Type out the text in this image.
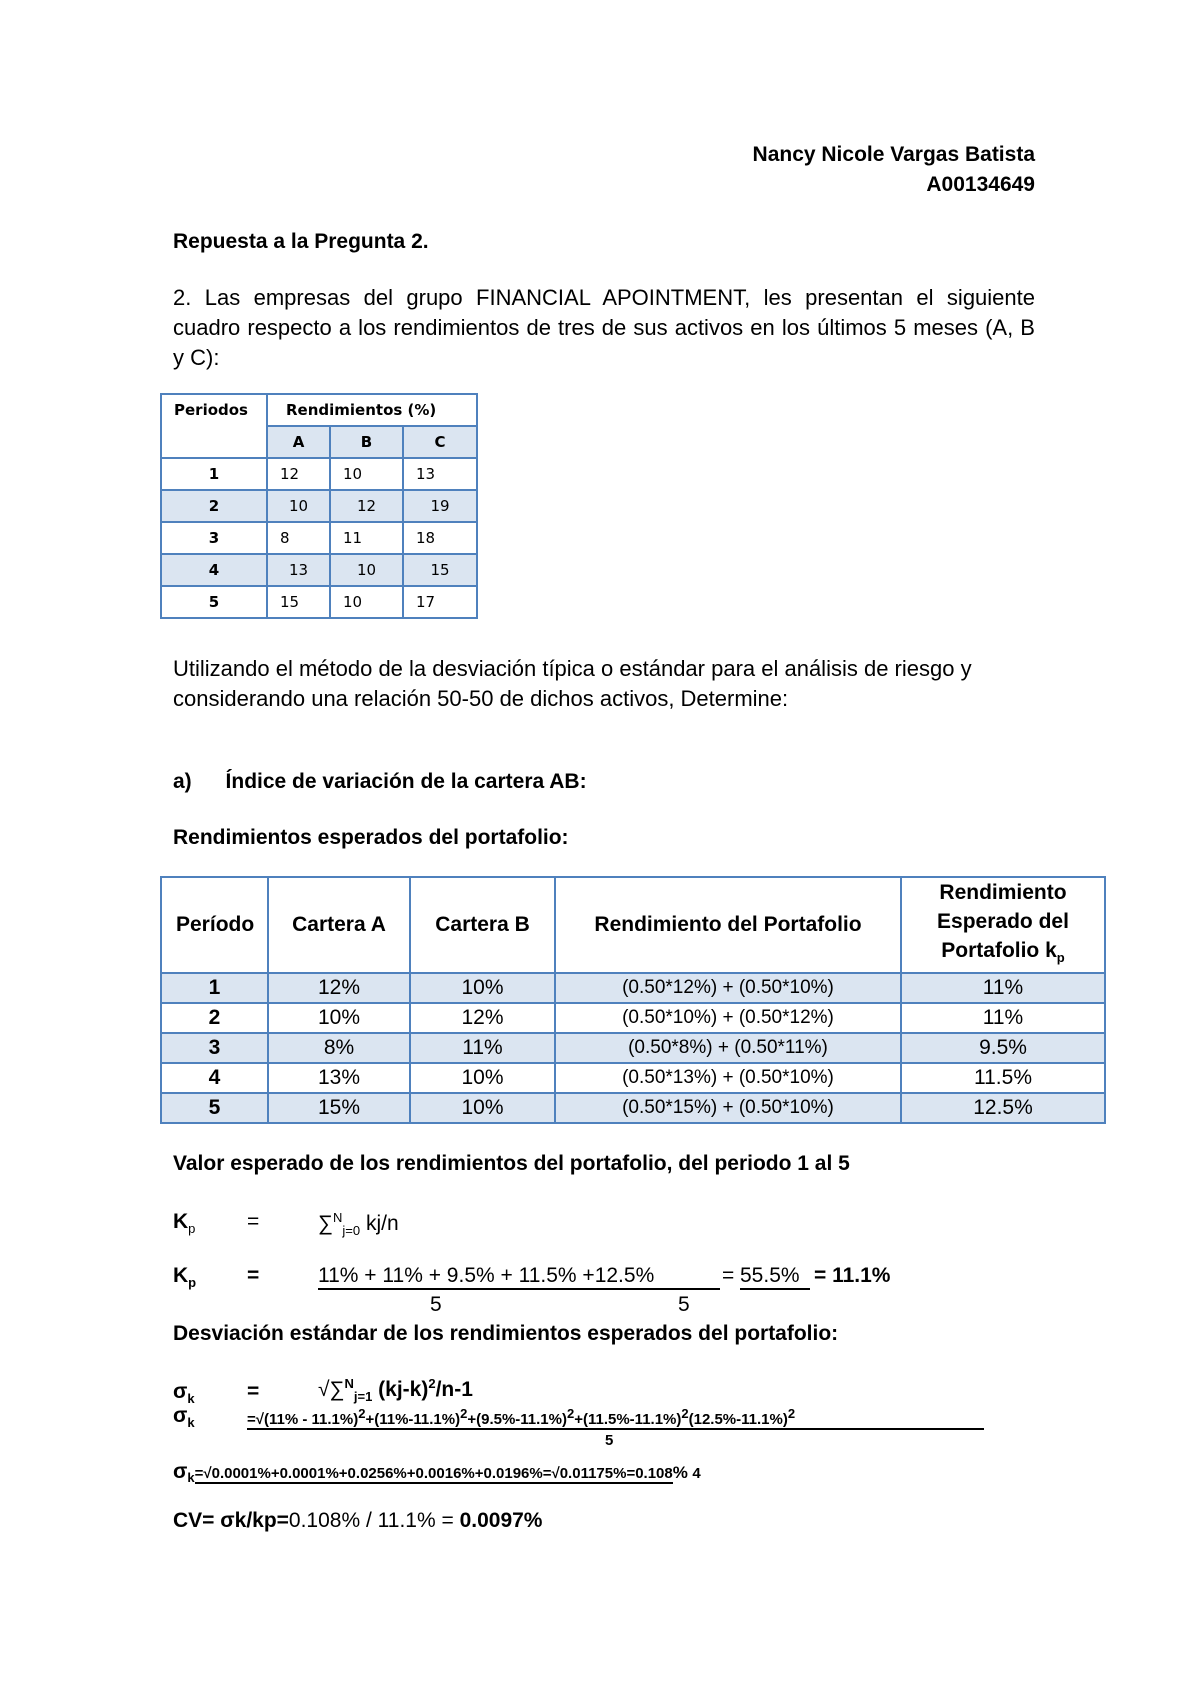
Nancy Nicole Vargas Batista
A00134649
Repuesta a la Pregunta 2.
2. Las empresas del grupo FINANCIAL APOINTMENT, les presentan el siguiente cuadro respecto a los rendimientos de tres de sus activos en los últimos 5 meses (A, B y C):
Periodos	Rendimientos (%)		
	A	B	C
1	12	10	13
2	10	12	19
3	8	11	18
4	13	10	15
5	15	10	17
Utilizando el método de la desviación típica o estándar para el análisis de riesgo y considerando una relación 50-50 de dichos activos, Determine:
a) Índice de variación de la cartera AB:
Rendimientos esperados del portafolio:
Período	Cartera A	Cartera B	Rendimiento del Portafolio	Rendimiento Esperado del Portafolio $k_p$
1	12%	10%	(0.50*12%) + (0.50*10%)	11%
2	10%	12%	(0.50*10%) + (0.50*12%)	11%
3	8%	11%	(0.50*8%) + (0.50*11%)	9.5%
4	13%	10%	(0.50*13%) + (0.50*10%)	11.5%
5	15%	10%	(0.50*15%) + (0.50*10%)	12.5%
Valor esperado de los rendimientos del portafolio, del periodo 1 al 5
$K_p$ =	∑$^N_{j=0}$ kj/n
$K_p$ =	11% + 11% + 9.5% + 11.5% +12.5%	= 55.5% = 11.1%
5	5
Desviación estándar de los rendimientos esperados del portafolio:
$\sigma_k$ =	√∑$^N_{j=1}$ $(kj-k)^2/n-1$
$\sigma_k$	$=√(11\% - 11.1\%)^2+(11\%-11.1\%)^2+(9.5\%-11.1\%)^2+(11.5\%-11.1\%)^2(12.5\%-11.1\%)^2$
5
$\sigma_k=√0.0001\%+0.0001\%+0.0256\%+0.0016\%+0.0196\%=√0.01175\%=0.108\%$ 4
CV= σk/kp=0.108% / 11.1% = 0.0097%
